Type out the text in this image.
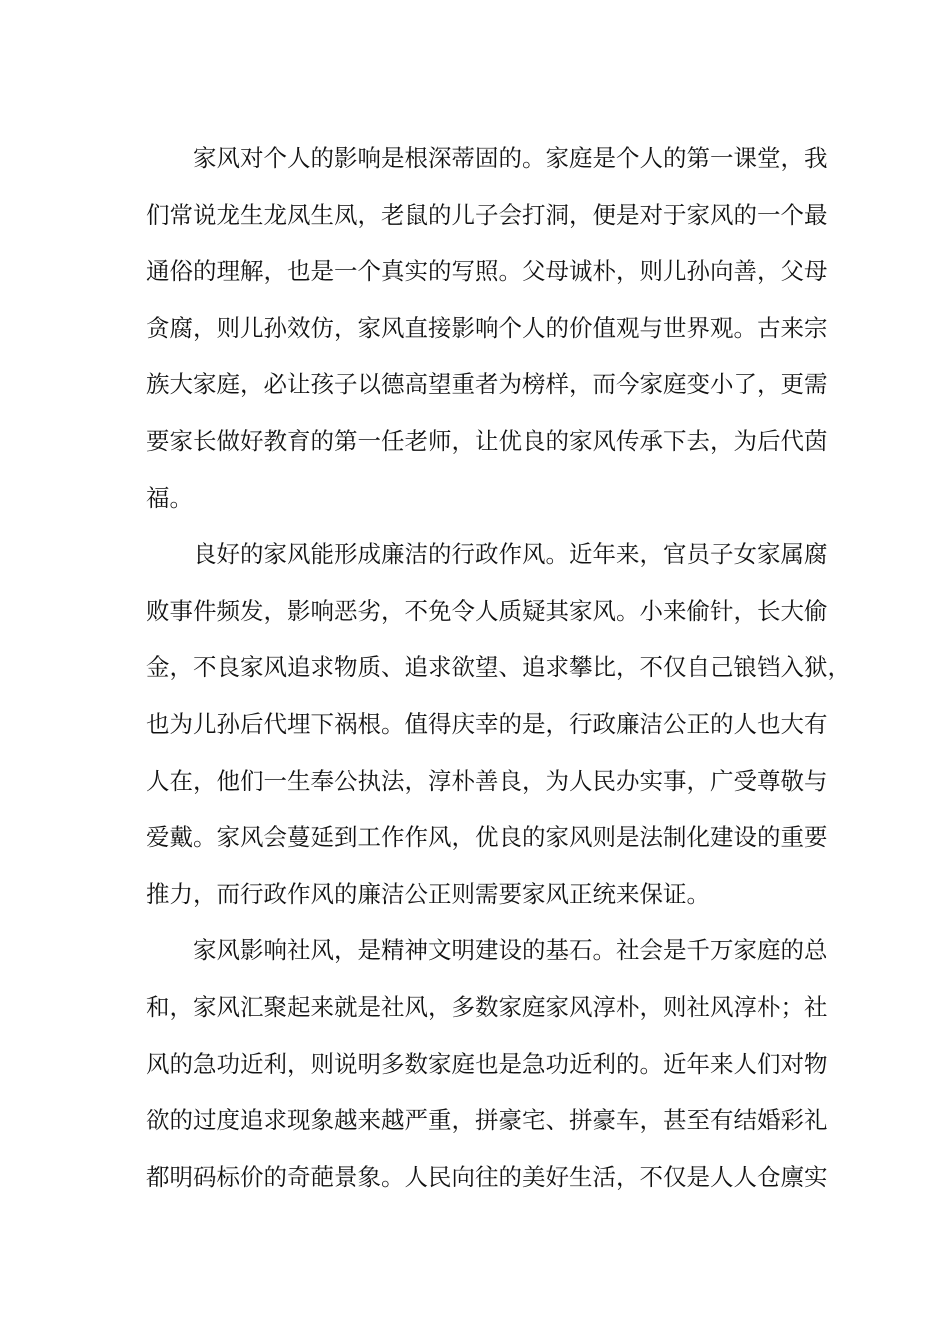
家风对个人的影响是根深蒂固的。家庭是个人的第一课堂，我
们常说龙生龙凤生凤，老鼠的儿子会打洞，便是对于家风的一个最
通俗的理解，也是一个真实的写照。父母诚朴，则儿孙向善，父母
贪腐，则儿孙效仿，家风直接影响个人的价值观与世界观。古来宗
族大家庭，必让孩子以德高望重者为榜样，而今家庭变小了，更需
要家长做好教育的第一任老师，让优良的家风传承下去，为后代茵
福。
良好的家风能形成廉洁的行政作风。近年来，官员子女家属腐
败事件频发，影响恶劣，不免令人质疑其家风。小来偷针，长大偷
金，不良家风追求物质、追求欲望、追求攀比，不仅自己锒铛入狱，
也为儿孙后代埋下祸根。值得庆幸的是，行政廉洁公正的人也大有
人在，他们一生奉公执法，淳朴善良，为人民办实事，广受尊敬与
爱戴。家风会蔓延到工作作风，优良的家风则是法制化建设的重要
推力，而行政作风的廉洁公正则需要家风正统来保证。
家风影响社风，是精神文明建设的基石。社会是千万家庭的总
和，家风汇聚起来就是社风，多数家庭家风淳朴，则社风淳朴；社
风的急功近利，则说明多数家庭也是急功近利的。近年来人们对物
欲的过度追求现象越来越严重，拼豪宅、拼豪车，甚至有结婚彩礼
都明码标价的奇葩景象。人民向往的美好生活，不仅是人人仓廪实
